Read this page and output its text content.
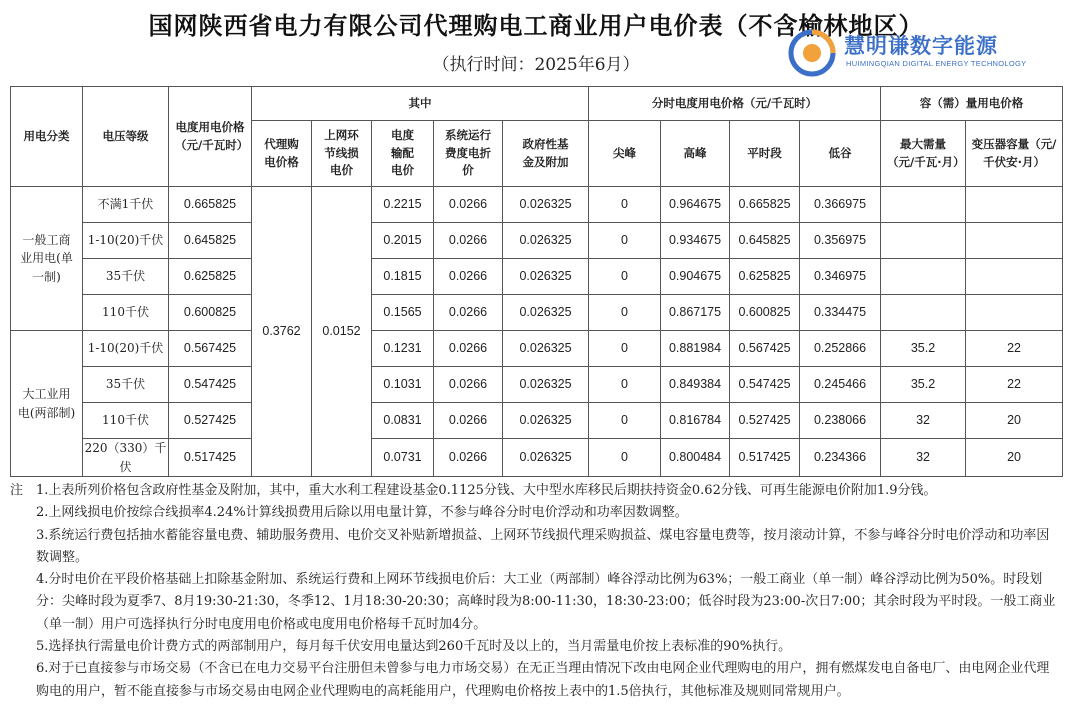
国网陕西省电力有限公司代理购电工商业用户电价表（不含榆林地区）
（执行时间：2025年6月）
慧明谦数字能源
HUIMINGQIAN DIGITAL ENERGY TECHNOLOGY
用电分类	电压等级	电度用电价格（元/千瓦时）	其中					分时电度用电价格（元/千瓦时）				容（需）量用电价格	
			代理购电价格	上网环节线损电价	电度输配电价	系统运行费度电折价	政府性基金及附加	尖峰	高峰	平时段	低谷	最大需量（元/千瓦·月）	变压器容量（元/千伏安·月）
一般工商业用电(单一制)	不满1千伏	0.665825	0.3762	0.0152	0.2215	0.0266	0.026325	0	0.964675	0.665825	0.366975		
	1-10(20)千伏	0.645825			0.2015	0.0266	0.026325	0	0.934675	0.645825	0.356975		
	35千伏	0.625825			0.1815	0.0266	0.026325	0	0.904675	0.625825	0.346975		
	110千伏	0.600825			0.1565	0.0266	0.026325	0	0.867175	0.600825	0.334475		
大工业用电(两部制)	1-10(20)千伏	0.567425			0.1231	0.0266	0.026325	0	0.881984	0.567425	0.252866	35.2	22
	35千伏	0.547425			0.1031	0.0266	0.026325	0	0.849384	0.547425	0.245466	35.2	22
	110千伏	0.527425			0.0831	0.0266	0.026325	0	0.816784	0.527425	0.238066	32	20
	220（330）千伏	0.517425			0.0731	0.0266	0.026325	0	0.800484	0.517425	0.234366	32	20

注　1.上表所列价格包含政府性基金及附加，其中，重大水利工程建设基金0.1125分钱、大中型水库移民后期扶持资金0.62分钱、可再生能源电价附加1.9分钱。

2.上网线损电价按综合线损率4.24%计算线损费用后除以用电量计算，不参与峰谷分时电价浮动和功率因数调整。

3.系统运行费包括抽水蓄能容量电费、辅助服务费用、电价交叉补贴新增损益、上网环节线损代理采购损益、煤电容量电费等，按月滚动计算，不参与峰谷分时电价浮动和功率因数调整。

4.分时电价在平段价格基础上扣除基金附加、系统运行费和上网环节线损电价后：大工业（两部制）峰谷浮动比例为63%；一般工商业（单一制）峰谷浮动比例为50%。时段划分：尖峰时段为夏季7、8月19:30-21:30，冬季12、1月18:30-20:30；高峰时段为8:00-11:30，18:30-23:00；低谷时段为23:00-次日7:00；其余时段为平时段。一般工商业（单一制）用户可选择执行分时电度用电价格或电度用电价格每千瓦时加4分。

5.选择执行需量电价计费方式的两部制用户，每月每千伏安用电量达到260千瓦时及以上的，当月需量电价按上表标准的90%执行。

6.对于已直接参与市场交易（不含已在电力交易平台注册但未曾参与电力市场交易）在无正当理由情况下改由电网企业代理购电的用户，拥有燃煤发电自备电厂、由电网企业代理购电的用户，暂不能直接参与市场交易由电网企业代理购电的高耗能用户，代理购电价格按上表中的1.5倍执行，其他标准及规则同常规用户。
